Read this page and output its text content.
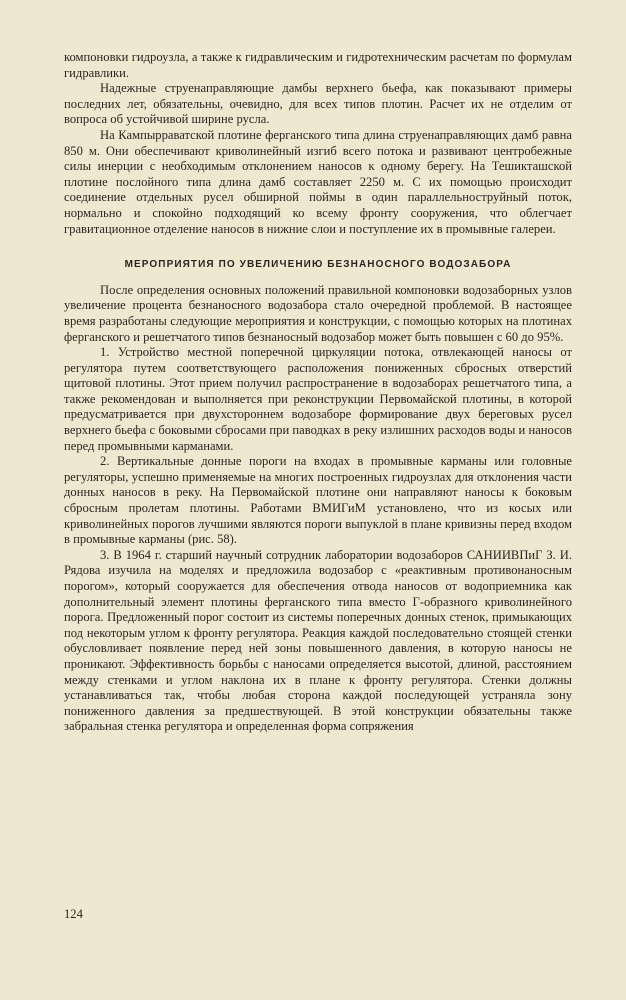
компоновки гидроузла, а также к гидравлическим и гидротехническим расчетам по формулам гидравлики.

Надежные струенаправляющие дамбы верхнего бьефа, как показывают примеры последних лет, обязательны, очевидно, для всех типов плотин. Расчет их не отделим от вопроса об устойчивой ширине русла.

На Кампырраватской плотине ферганского типа длина струенаправляющих дамб равна 850 м. Они обеспечивают криволинейный изгиб всего потока и развивают центробежные силы инерции с необходимым отклонением наносов к одному берегу. На Тешикташской плотине послойного типа длина дамб составляет 2250 м. С их помощью происходит соединение отдельных русел обширной поймы в один параллельноструйный поток, нормально и спокойно подходящий ко всему фронту сооружения, что облегчает гравитационное отделение наносов в нижние слои и поступление их в промывные галереи.

МЕРОПРИЯТИЯ ПО УВЕЛИЧЕНИЮ БЕЗНАНОСНОГО ВОДОЗАБОРА

После определения основных положений правильной компоновки водозаборных узлов увеличение процента безнаносного водозабора стало очередной проблемой. В настоящее время разработаны следующие мероприятия и конструкции, с помощью которых на плотинах ферганского и решетчатого типов безнаносный водозабор может быть повышен с 60 до 95%.

1. Устройство местной поперечной циркуляции потока, отвлекающей наносы от регулятора путем соответствующего расположения пониженных сбросных отверстий щитовой плотины. Этот прием получил распространение в водозаборах решетчатого типа, а также рекомендован и выполняется при реконструкции Первомайской плотины, в которой предусматривается при двухстороннем водозаборе формирование двух береговых русел верхнего бьефа с боковыми сбросами при паводках в реку излишних расходов воды и наносов перед промывными карманами.

2. Вертикальные донные пороги на входах в промывные карманы или головные регуляторы, успешно применяемые на многих построенных гидроузлах для отклонения части донных наносов в реку. На Первомайской плотине они направляют наносы к боковым сбросным пролетам плотины. Работами ВМИГиМ установлено, что из косых или криволинейных порогов лучшими являются пороги выпуклой в плане кривизны перед входом в промывные карманы (рис. 58).

3. В 1964 г. старший научный сотрудник лаборатории водозаборов САНИИВПиГ З. И. Рядова изучила на моделях и предложила водозабор с «реактивным противонаносным порогом», который сооружается для обеспечения отвода наносов от водоприемника как дополнительный элемент плотины ферганского типа вместо Г-образного криволинейного порога. Предложенный порог состоит из системы поперечных донных стенок, примыкающих под некоторым углом к фронту регулятора. Реакция каждой последовательно стоящей стенки обусловливает появление перед ней зоны повышенного давления, в которую наносы не проникают. Эффективность борьбы с наносами определяется высотой, длиной, расстоянием между стенками и углом наклона их в плане к фронту регулятора. Стенки должны устанавливаться так, чтобы любая сторона каждой последующей устраняла зону пониженного давления за предшествующей. В этой конструкции обязательны также забральная стенка регулятора и определенная форма сопряжения

124
